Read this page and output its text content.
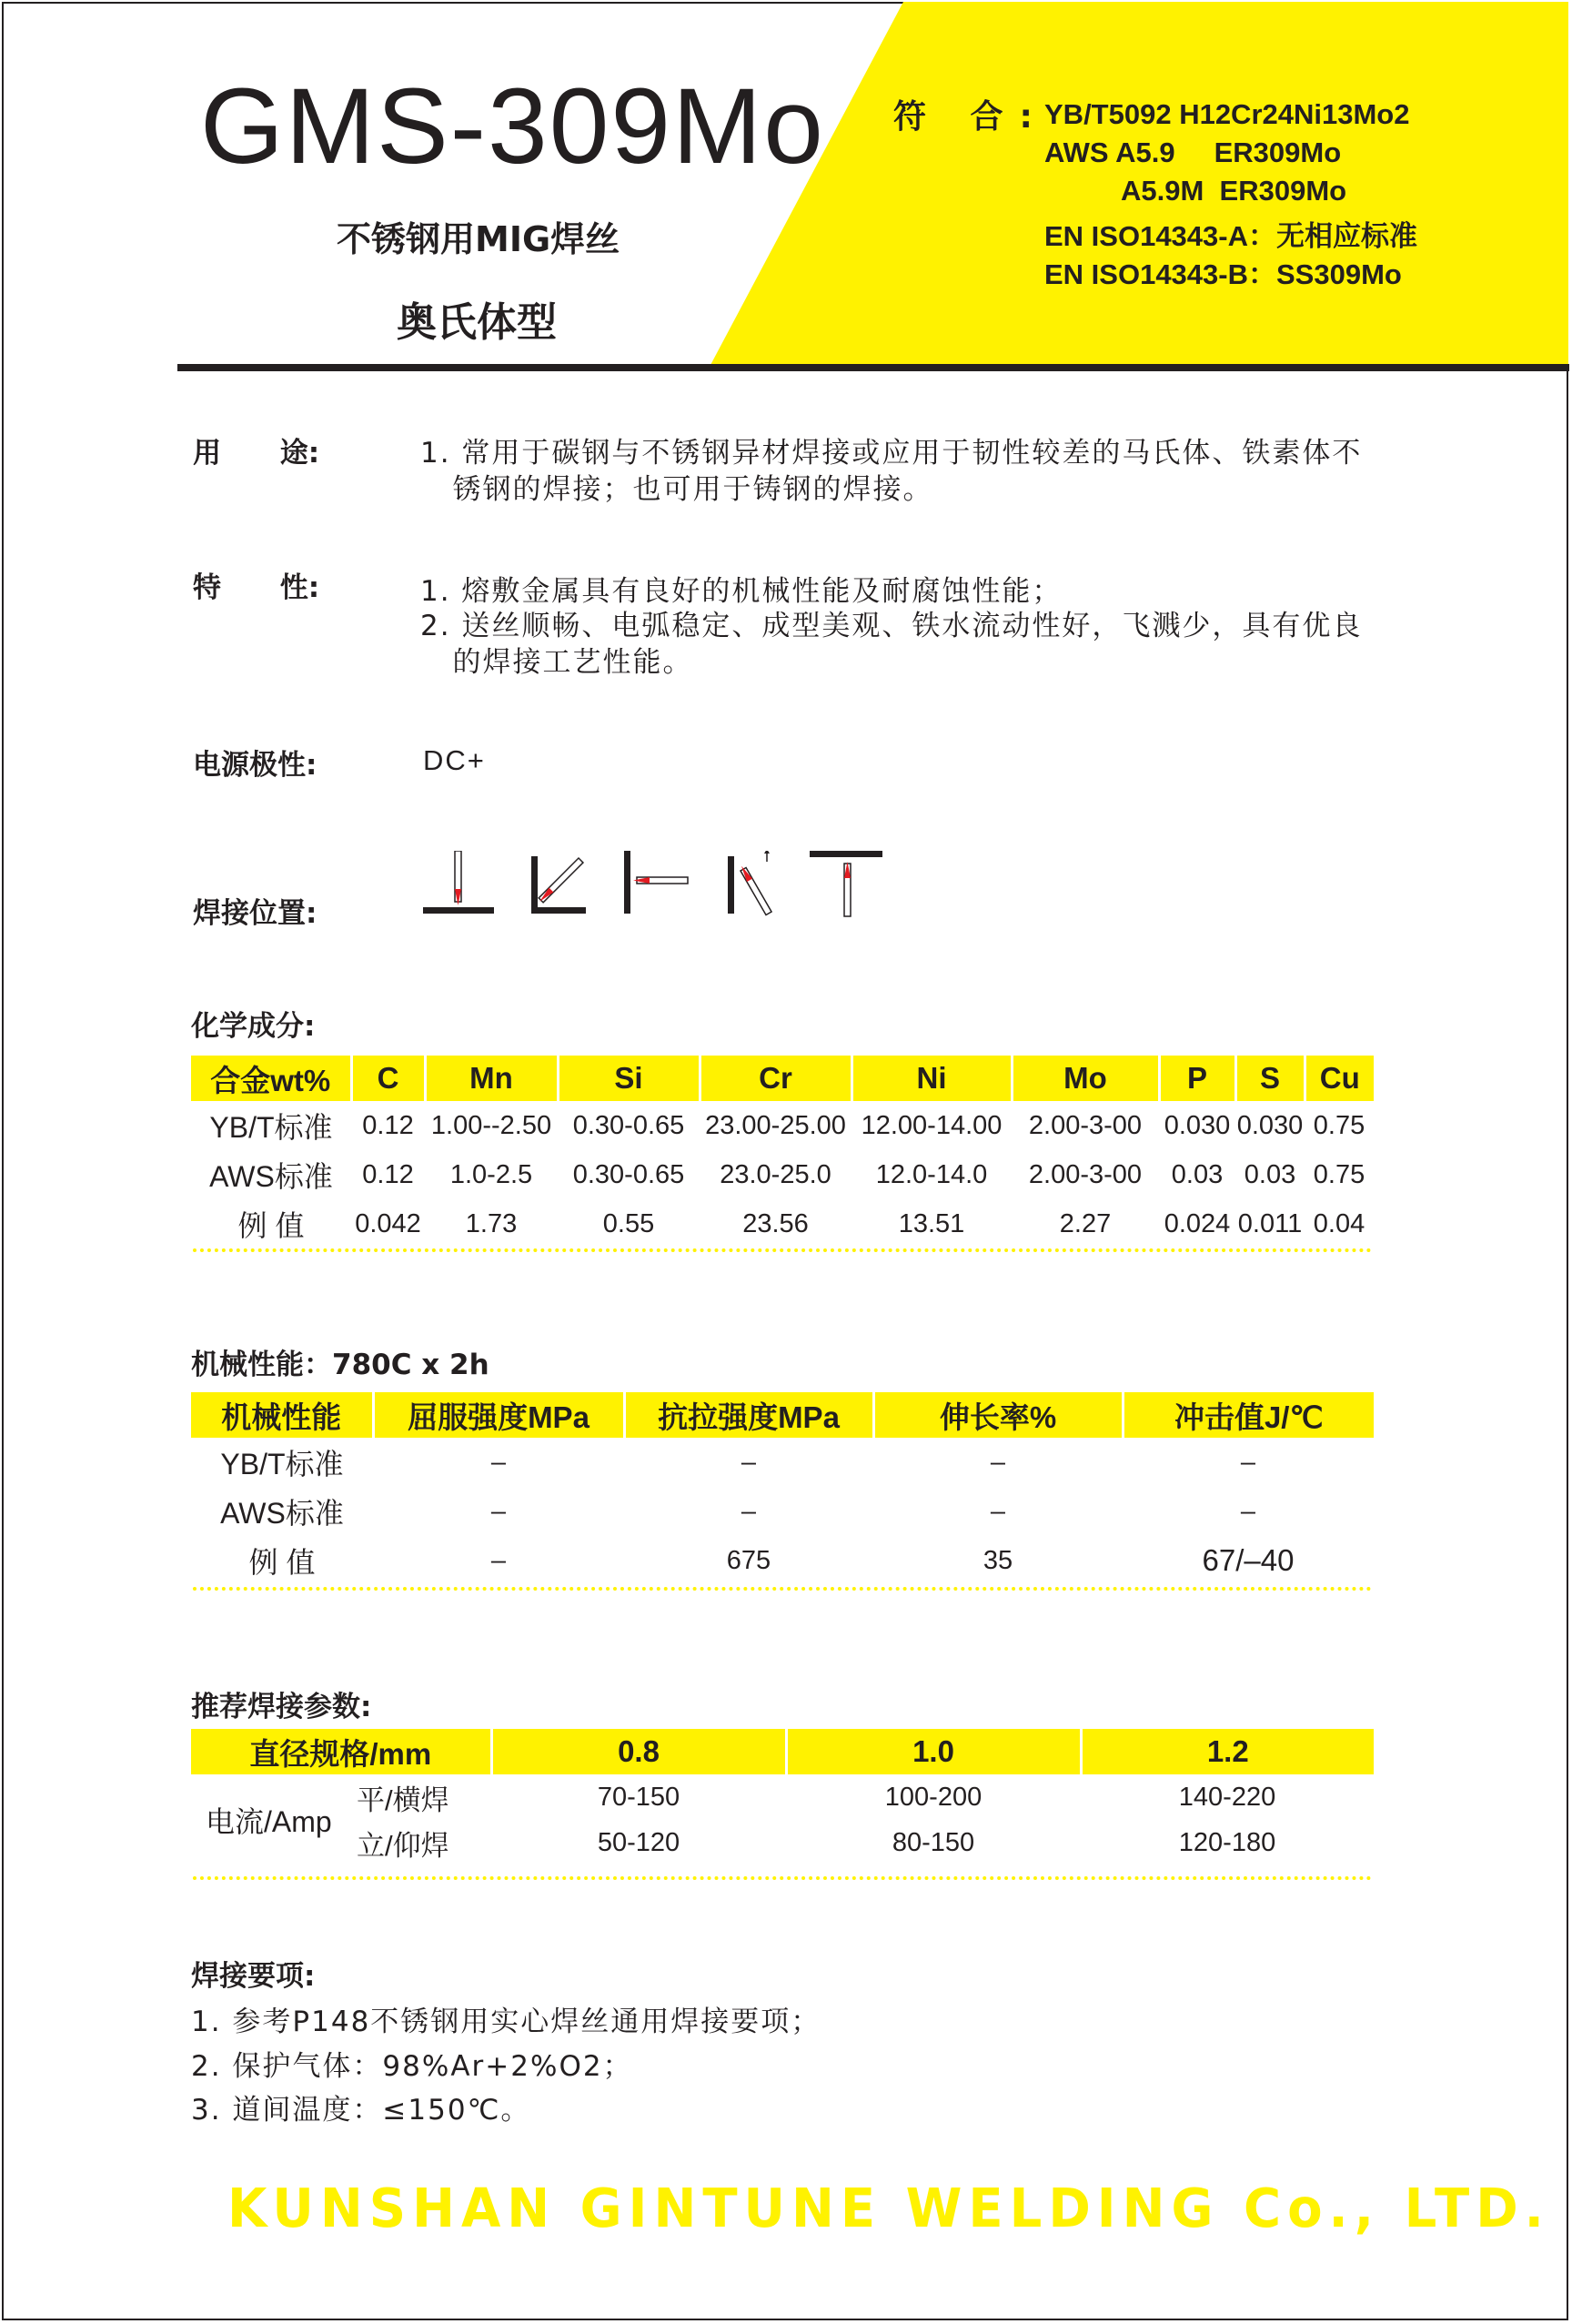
GMS-309Mo
不锈钢用MIG焊丝
奥氏体型
符 合:
YB/T5092 H12Cr24Ni13Mo2
AWS A5.9     ER309Mo
A5.9M  ER309Mo
EN ISO14343-A：无相应标准
EN ISO14343-B：SS309Mo
用      途:	1. 常用于碳钢与不锈钢异材焊接或应用于韧性较差的马氏体、铁素体不
锈钢的焊接；也可用于铸钢的焊接。
特      性:	1. 熔敷金属具有良好的机械性能及耐腐蚀性能；
2. 送丝顺畅、电弧稳定、成型美观、铁水流动性好，飞溅少，具有优良
的焊接工艺性能。
电源极性:	DC+
焊接位置:
化学成分:
合金wt%	C	Mn	Si	Cr	Ni	Mo	P	S	Cu
YB/T标准	0.12	1.00--2.50	0.30-0.65	23.00-25.00	12.00-14.00	2.00-3-00	0.030	0.030	0.75
AWS标准	0.12	1.0-2.5	0.30-0.65	23.0-25.0	12.0-14.0	2.00-3-00	0.03	0.03	0.75
例 值	0.042	1.73	0.55	23.56	13.51	2.27	0.024	0.011	0.04
机械性能：780C x 2h
机械性能	屈服强度MPa	抗拉强度MPa	伸长率%	冲击值J/℃
YB/T标准	–	–	–	–
AWS标准	–	–	–	–
例 值	–	675	35	67/–40
推荐焊接参数:
直径规格/mm		0.8	1.0	1.2
电流/Amp	平/横焊	70-150	100-200	140-220
	立/仰焊	50-120	80-150	120-180
焊接要项:
1. 参考P148不锈钢用实心焊丝通用焊接要项；
2. 保护气体：98%Ar+2%O2；
3. 道间温度：≤150℃。
KUNSHAN GINTUNE WELDING Co., LTD.
